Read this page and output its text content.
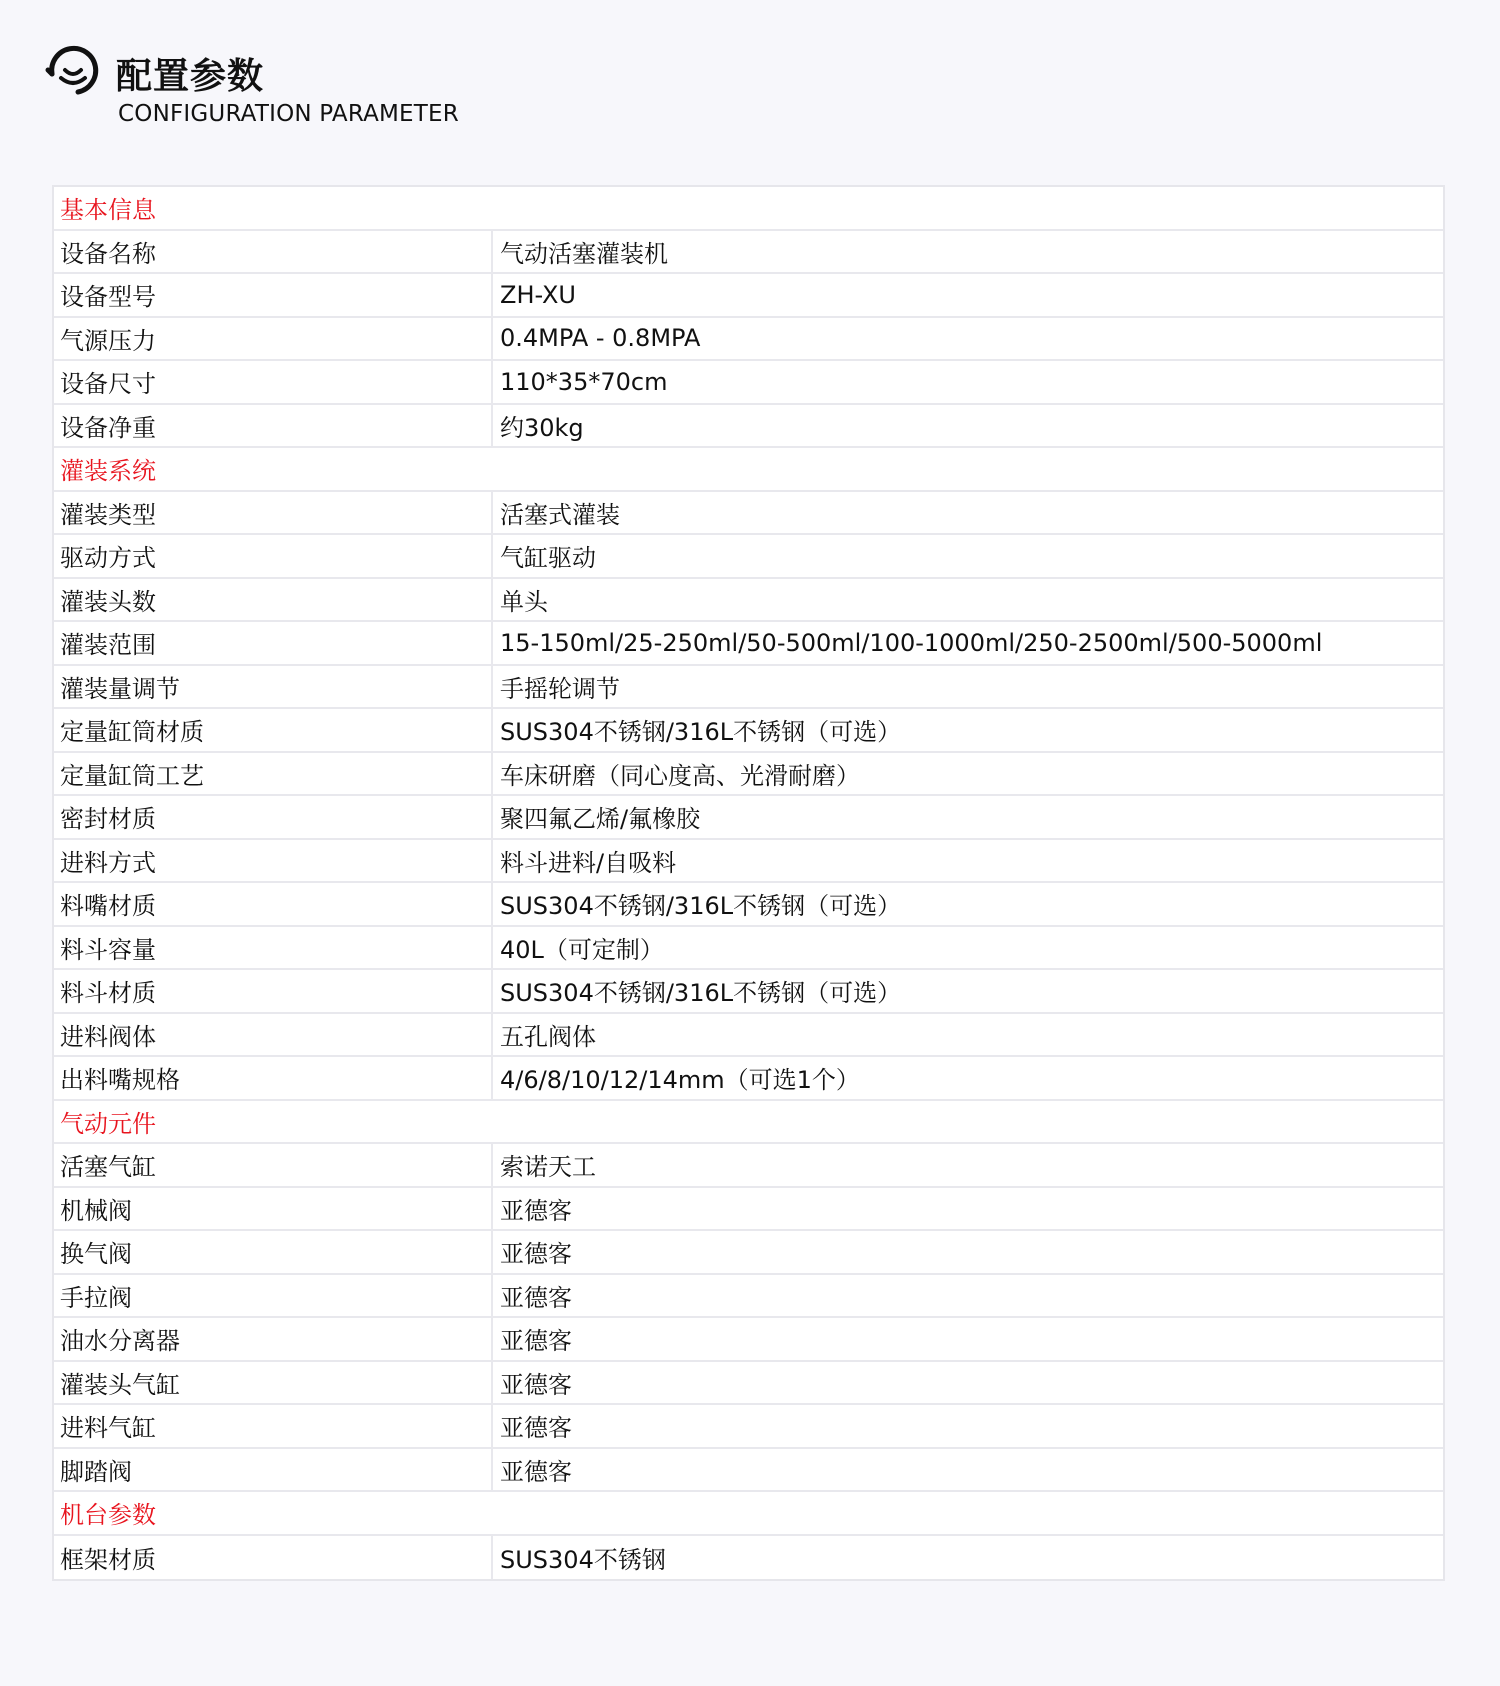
配置参数
CONFIGURATION PARAMETER
基本信息
设备名称	气动活塞灌装机
设备型号	ZH-XU
气源压力	0.4MPA - 0.8MPA
设备尺寸	110*35*70cm
设备净重	约30kg
灌装系统
灌装类型	活塞式灌装
驱动方式	气缸驱动
灌装头数	单头
灌装范围	15-150ml/25-250ml/50-500ml/100-1000ml/250-2500ml/500-5000ml
灌装量调节	手摇轮调节
定量缸筒材质	SUS304不锈钢/316L不锈钢（可选）
定量缸筒工艺	车床研磨（同心度高、光滑耐磨）
密封材质	聚四氟乙烯/氟橡胶
进料方式	料斗进料/自吸料
料嘴材质	SUS304不锈钢/316L不锈钢（可选）
料斗容量	40L（可定制）
料斗材质	SUS304不锈钢/316L不锈钢（可选）
进料阀体	五孔阀体
出料嘴规格	4/6/8/10/12/14mm（可选1个）
气动元件
活塞气缸	索诺天工
机械阀	亚德客
换气阀	亚德客
手拉阀	亚德客
油水分离器	亚德客
灌装头气缸	亚德客
进料气缸	亚德客
脚踏阀	亚德客
机台参数
框架材质	SUS304不锈钢
